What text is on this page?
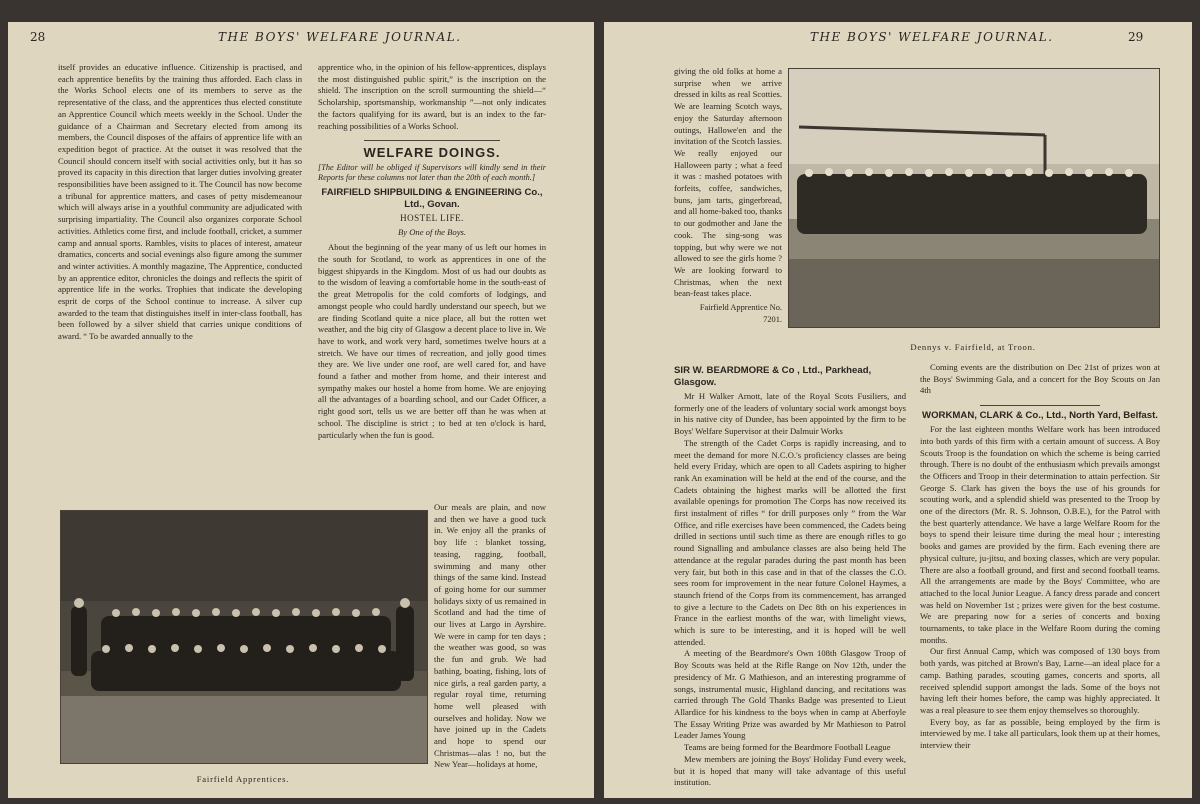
28	THE BOYS' WELFARE JOURNAL.

itself provides an educative influence. Citizenship is practised, and each apprentice benefits by the training thus afforded. Each class in the Works School elects one of its members to serve as the representative of the class, and the apprentices thus elected constitute an Apprentice Council which meets weekly in the School. Under the guidance of a Chairman and Secretary elected from among its members, the Council disposes of the affairs of apprentice life with an expedition begot of practice. At the outset it was resolved that the Council should concern itself with social activities only, but it has so proved its capacity in this direction that larger duties involving greater responsibilities have been assigned to it. The Council has now become a tribunal for apprentice matters, and cases of petty misdemeanour which will always arise in a youthful community are adjudicated with surprising impartiality. The Council also organizes corporate School activities. Athletics come first, and include football, cricket, a summer camp and annual sports. Rambles, visits to places of interest, amateur dramatics, concerts and social evenings also figure among the summer and winter activities. A monthly magazine, The Apprentice, conducted by an apprentice editor, chronicles the doings and reflects the spirit of apprentice life in the works. Trophies that indicate the developing esprit de corps of the School continue to increase. A silver cup awarded to the team that distinguishes itself in inter-class football, has been followed by a silver shield that carries unique conditions of award. “ To be awarded annually to the

apprentice who, in the opinion of his fellow-apprentices, displays the most distinguished public spirit,” is the inscription on the shield. The inscription on the scroll surmounting the shield—“ Scholarship, sportsmanship, workmanship ”—not only indicates the factors qualifying for its award, but is an index to the far-reaching possibilities of a Works School.

WELFARE DOINGS.

[The Editor will be obliged if Supervisors will kindly send in their Reports for these columns not later than the 20th of each month.]

FAIRFIELD SHIPBUILDING & ENGINEERING Co., Ltd., Govan.
HOSTEL LIFE.
By One of the Boys.

About the beginning of the year many of us left our homes in the south for Scotland, to work as apprentices in one of the biggest shipyards in the Kingdom. Most of us had our doubts as to the wisdom of leaving a comfortable home in the south-east of the great Metropolis for the cold comforts of lodgings, and amongst people who could hardly understand our speech, but we are finding Scotland quite a nice place, all but the rotten wet weather, and the big city of Glasgow a decent place to live in. We have to work, and work very hard, sometimes twelve hours at a stretch. We have our times of recreation, and jolly good times they are. We live under one roof, are well cared for, and have found a father and mother from home, and their interest and sympathy makes our hostel a home from home. We are enjoying all the advantages of a boarding school, and our Cadet Officer, a right good sort, tells us we are better off than he was when at school. The discipline is strict ; to bed at ten o'clock is hard, particularly when the fun is good.

Our meals are plain, and now and then we have a good tuck in. We enjoy all the pranks of boy life : blanket tossing, teasing, ragging, football, swimming and many other things of the same kind. Instead of going home for our summer holidays sixty of us remained in Scotland and had the time of our lives at Largo in Ayrshire. We were in camp for ten days ; the weather was good, so was the fun and grub. We had bathing, boating, fishing, lots of nice girls, a real garden party, a regular royal time, returning home well pleased with ourselves and holiday. Now we have joined up in the Cadets and hope to spend our Christmas—alas ! no, but the New Year—holidays at home,

Fairfield Apprentices.
THE BOYS' WELFARE JOURNAL.	29

giving the old folks at home a surprise when we arrive dressed in kilts as real Scotties. We are learning Scotch ways, enjoy the Saturday afternoon outings, Hallowe'en and the invitation of the Scotch lassies. We really enjoyed our Halloween party ; what a feed it was : mashed potatoes with forfeits, coffee, sandwiches, buns, jam tarts, gingerbread, and all home-baked too, thanks to our godmother and Jane the cook. The sing-song was topping, but why were we not allowed to see the girls home ? We are looking forward to Christmas, when the next bean-feast takes place.

Fairfield Apprentice No. 7201.

Dennys v. Fairfield, at Troon.
SIR W. BEARDMORE & Co , Ltd., Parkhead, Glasgow.

Mr H Walker Arnott, late of the Royal Scots Fusiliers, and formerly one of the leaders of voluntary social work amongst boys in his native city of Dundee, has been appointed by the firm to be Boys' Welfare Supervisor at their Dalmuir Works

The strength of the Cadet Corps is rapidly increasing, and to meet the demand for more N.C.O.'s proficiency classes are being held every Friday, which are open to all Cadets aspiring to higher rank An examination will be held at the end of the course, and the Cadets obtaining the highest marks will be allotted the first available openings for promotion The Corps has now received its first instalment of rifles “ for drill purposes only ” from the War Office, and rifle exercises have been commenced, the Cadets being drilled in sections until such time as there are enough rifles to go round Signalling and ambulance classes are also being held The attendance at the regular parades during the past month has been very fair, but both in this case and in that of the classes the C.O. sees room for improvement in the near future Colonel Haymes, a staunch friend of the Corps from its commencement, has arranged to give a lecture to the Cadets on Dec 8th on his experiences in France in the earliest months of the war, with limelight views, which is sure to be interesting, and it is hoped will be well attended.

A meeting of the Beardmore's Own 108th Glasgow Troop of Boy Scouts was held at the Rifle Range on Nov 12th, under the presidency of Mr. G Mathieson, and an interesting programme of songs, instrumental music, Highland dancing, and recitations was carried through The Gold Thanks Badge was presented to Lieut Allardice for his kindness to the boys when in camp at Aberfoyle The Essay Writing Prize was awarded by Mr Mathieson to Patrol Leader James Young

Teams are being formed for the Beardmore Football League

Mew members are joining the Boys' Holiday Fund every week, but it is hoped that many will take advantage of this useful institution.

Coming events are the distribution on Dec 21st of prizes won at the Boys' Swimming Gala, and a concert for the Boy Scouts on Jan 4th

WORKMAN, CLARK & Co., Ltd., North Yard, Belfast.

For the last eighteen months Welfare work has been introduced into both yards of this firm with a certain amount of success. A Boy Scouts Troop is the foundation on which the scheme is being carried through. There is no doubt of the enthusiasm which prevails amongst the Officers and Troop in their determination to attain perfection. Sir George S. Clark has given the boys the use of his grounds for scouting work, and a splendid shield was presented to the Troop by one of the directors (Mr. R. S. Johnson, O.B.E.), for the Patrol with the best quarterly attendance. We have a large Welfare Room for the boys to spend their leisure time during the meal hour ; interesting books and games are provided by the firm. Each evening there are physical culture, ju-jitsu, and boxing classes, which are very popular. There are also a football ground, and first and second football teams. All the arrangements are made by the Boys' Committee, who are attached to the local Junior League. A fancy dress parade and concert was held on November 1st ; prizes were given for the best costume. We are preparing now for a series of concerts and boxing tournaments, to take place in the Welfare Room during the coming months.

Our first Annual Camp, which was composed of 130 boys from both yards, was pitched at Brown's Bay, Larne—an ideal place for a camp. Bathing parades, scouting games, concerts and sports, all received splendid support amongst the lads. Some of the boys not having left their homes before, the camp was highly appreciated. It was a real pleasure to see them enjoy themselves so thoroughly.

Every boy, as far as possible, being employed by the firm is interviewed by me. I take all particulars, look them up at their homes, interview their
